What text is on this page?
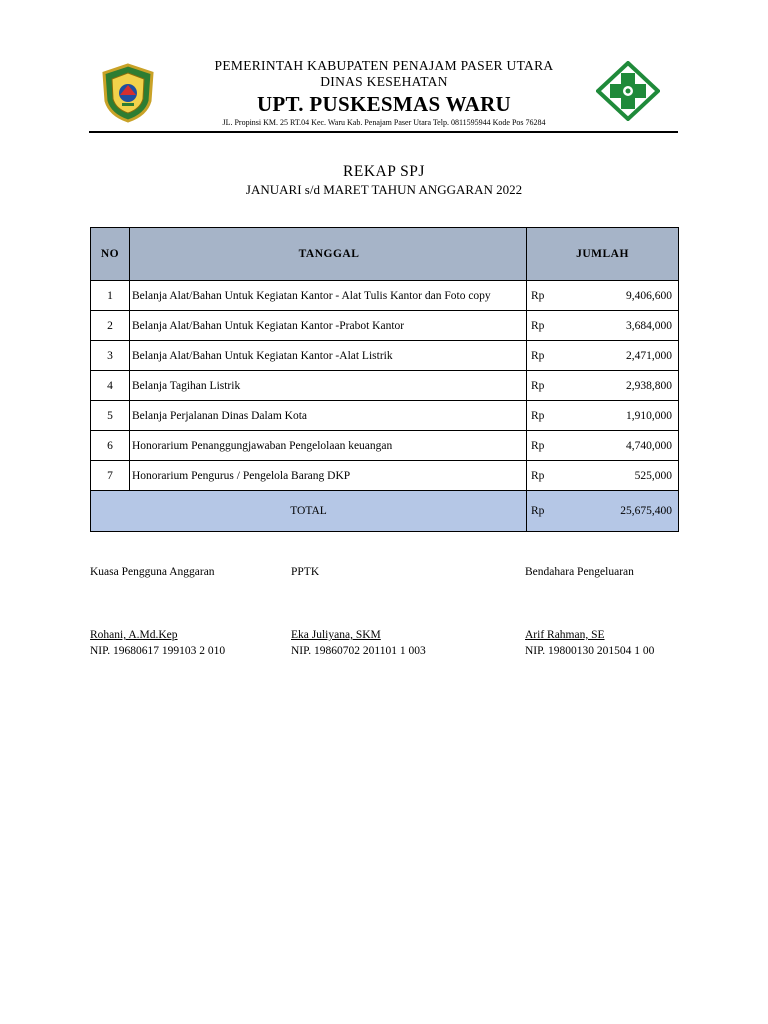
PEMERINTAH KABUPATEN PENAJAM PASER UTARA
DINAS KESEHATAN
UPT. PUSKESMAS WARU
JL. Propinsi KM. 25 RT.04 Kec. Waru Kab. Penajam Paser Utara Telp. 0811595944 Kode Pos 76284
REKAP SPJ
JANUARI s/d MARET TAHUN ANGGARAN 2022
NO	TANGGAL	JUMLAH	
1	Belanja Alat/Bahan Untuk Kegiatan Kantor - Alat Tulis Kantor dan Foto copy	Rp	9,406,600
2	Belanja Alat/Bahan Untuk Kegiatan Kantor -Prabot Kantor	Rp	3,684,000
3	Belanja Alat/Bahan Untuk Kegiatan Kantor -Alat Listrik	Rp	2,471,000
4	Belanja Tagihan Listrik	Rp	2,938,800
5	Belanja Perjalanan Dinas Dalam Kota	Rp	1,910,000
6	Honorarium Penanggungjawaban Pengelolaan keuangan	Rp	4,740,000
7	Honorarium Pengurus / Pengelola Barang DKP	Rp	525,000
TOTAL		Rp	25,675,400
Kuasa Pengguna Anggaran	PPTK	Bendahara Pengeluaran
Rohani, A.Md.Kep	Eka Juliyana, SKM	Arif Rahman, SE
NIP. 19680617 199103 2 010	NIP. 19860702 201101 1 003	NIP. 19800130 201504 1 00
